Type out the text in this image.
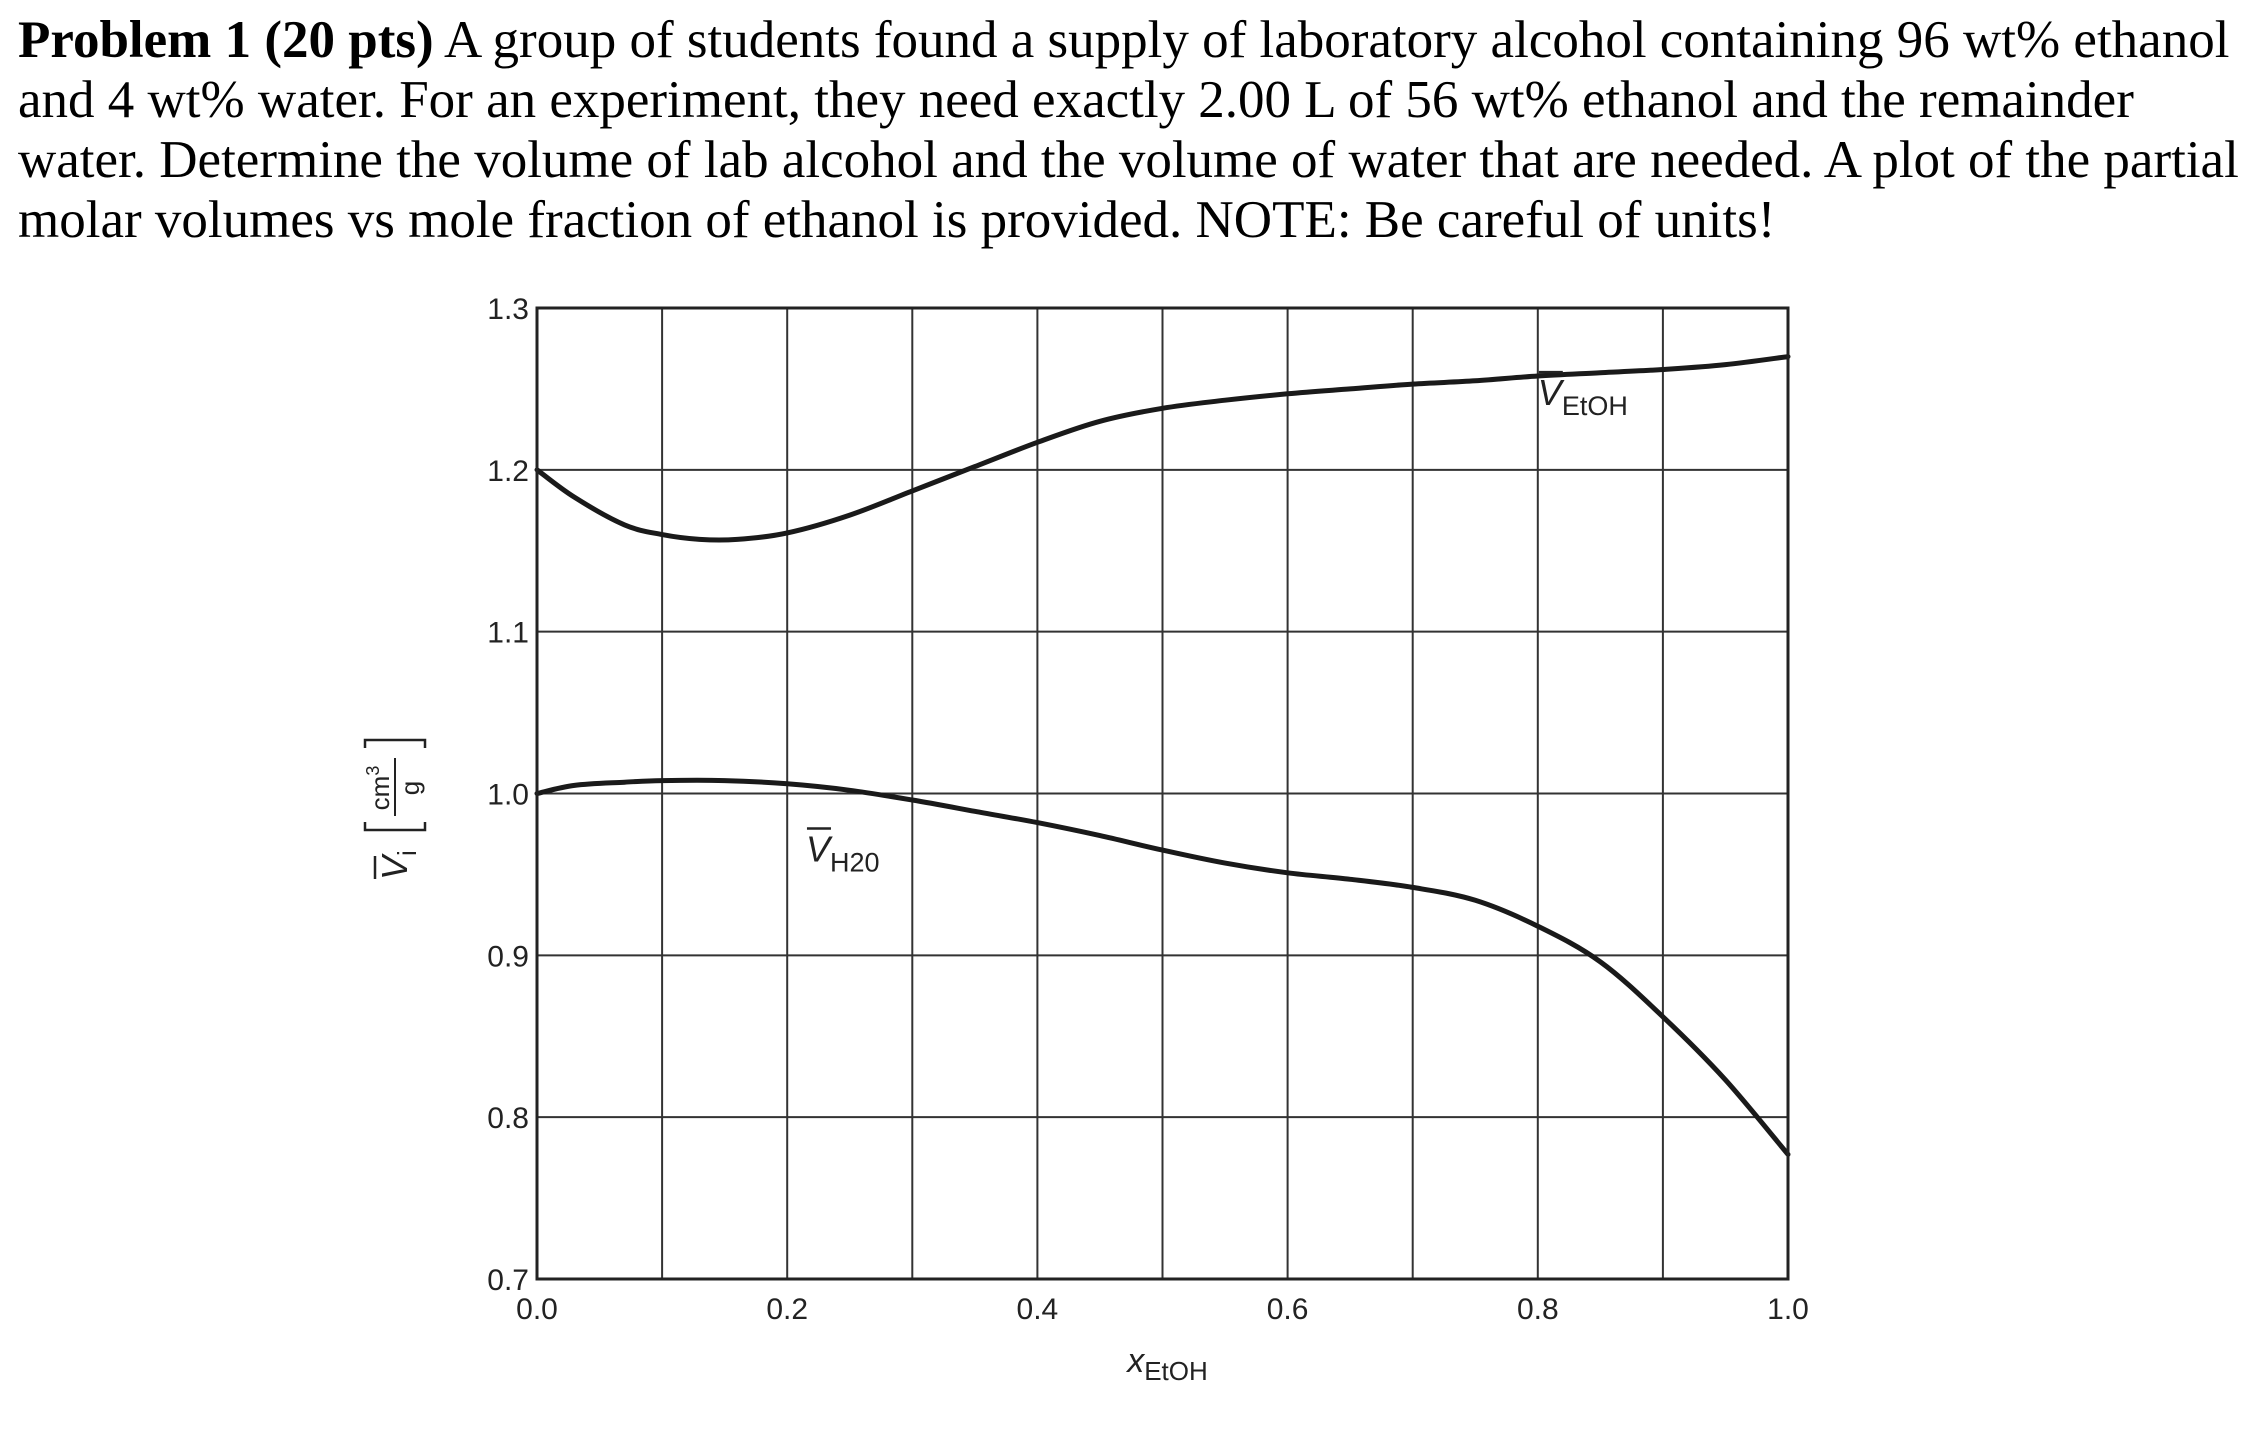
Problem 1 (20 pts) A group of students found a supply of laboratory alcohol containing 96 wt% ethanol and 4 wt% water. For an experiment, they need exactly 2.00 L of 56 wt% ethanol and the remainder water. Determine the volume of lab alcohol and the volume of water that are needed. A plot of the partial molar volumes vs mole fraction of ethanol is provided. NOTE: Be careful of units!

0.0	0.2	0.4	0.6	0.8	1.0
0.7
0.8
0.9
1.0
1.1
1.2
1.3
$V_{EtOH}$
$V_{H20}$
$x_{EtOH}$
$V_i$
$cm^3$
g
